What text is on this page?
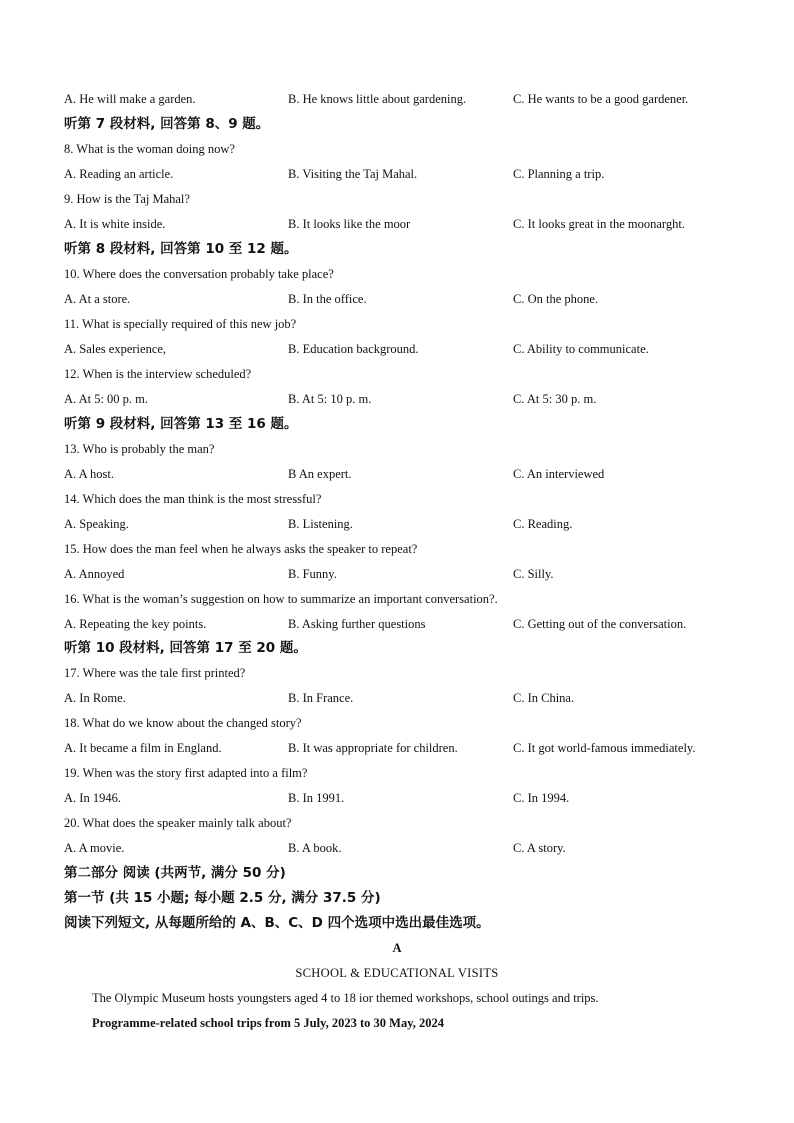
A. He will make a garden.	B. He knows little about gardening.	C. He wants to be a good gardener.
听第 7 段材料, 回答第 8、9 题。
8. What is the woman doing now?
A. Reading an article.	B. Visiting the Taj Mahal.	C. Planning a trip.
9. How is the Taj Mahal?
A. It is white inside.	B. It looks like the moor	C. It looks great in the moonarght.
听第 8 段材料, 回答第 10 至 12 题。
10. Where does the conversation probably take place?
A. At a store.	B. In the office.	C. On the phone.
11. What is specially required of this new job?
A. Sales experience,	B. Education background.	C. Ability to communicate.
12. When is the interview scheduled?
A. At 5: 00 p. m.	B. At 5: 10 p. m.	C. At 5: 30 p. m.
听第 9 段材料, 回答第 13 至 16 题。
13. Who is probably the man?
A. A host.	B An expert.	C. An interviewed
14. Which does the man think is the most stressful?
A. Speaking.	B. Listening.	C. Reading.
15. How does the man feel when he always asks the speaker to repeat?
A. Annoyed	B. Funny.	C. Silly.
16. What is the woman’s suggestion on how to summarize an important conversation?.
A. Repeating the key points.	B. Asking further questions	C. Getting out of the conversation.
听第 10 段材料, 回答第 17 至 20 题。
17. Where was the tale first printed?
A. In Rome.	B. In France.	C. In China.
18. What do we know about the changed story?
A. It became a film in England.	B. It was appropriate for children.	C. It got world-famous immediately.
19. When was the story first adapted into a film?
A. In 1946.	B. In 1991.	C. In 1994.
20. What does the speaker mainly talk about?
A. A movie.	B. A book.	C. A story.
第二部分 阅读 (共两节, 满分 50 分)
第一节 (共 15 小题; 每小题 2.5 分, 满分 37.5 分)
阅读下列短文, 从每题所给的 A、B、C、D 四个选项中选出最佳选项。
A
SCHOOL & EDUCATIONAL VISITS
The Olympic Museum hosts youngsters aged 4 to 18 ior themed workshops, school outings and trips.
Programme-related school trips from 5 July, 2023 to 30 May, 2024
